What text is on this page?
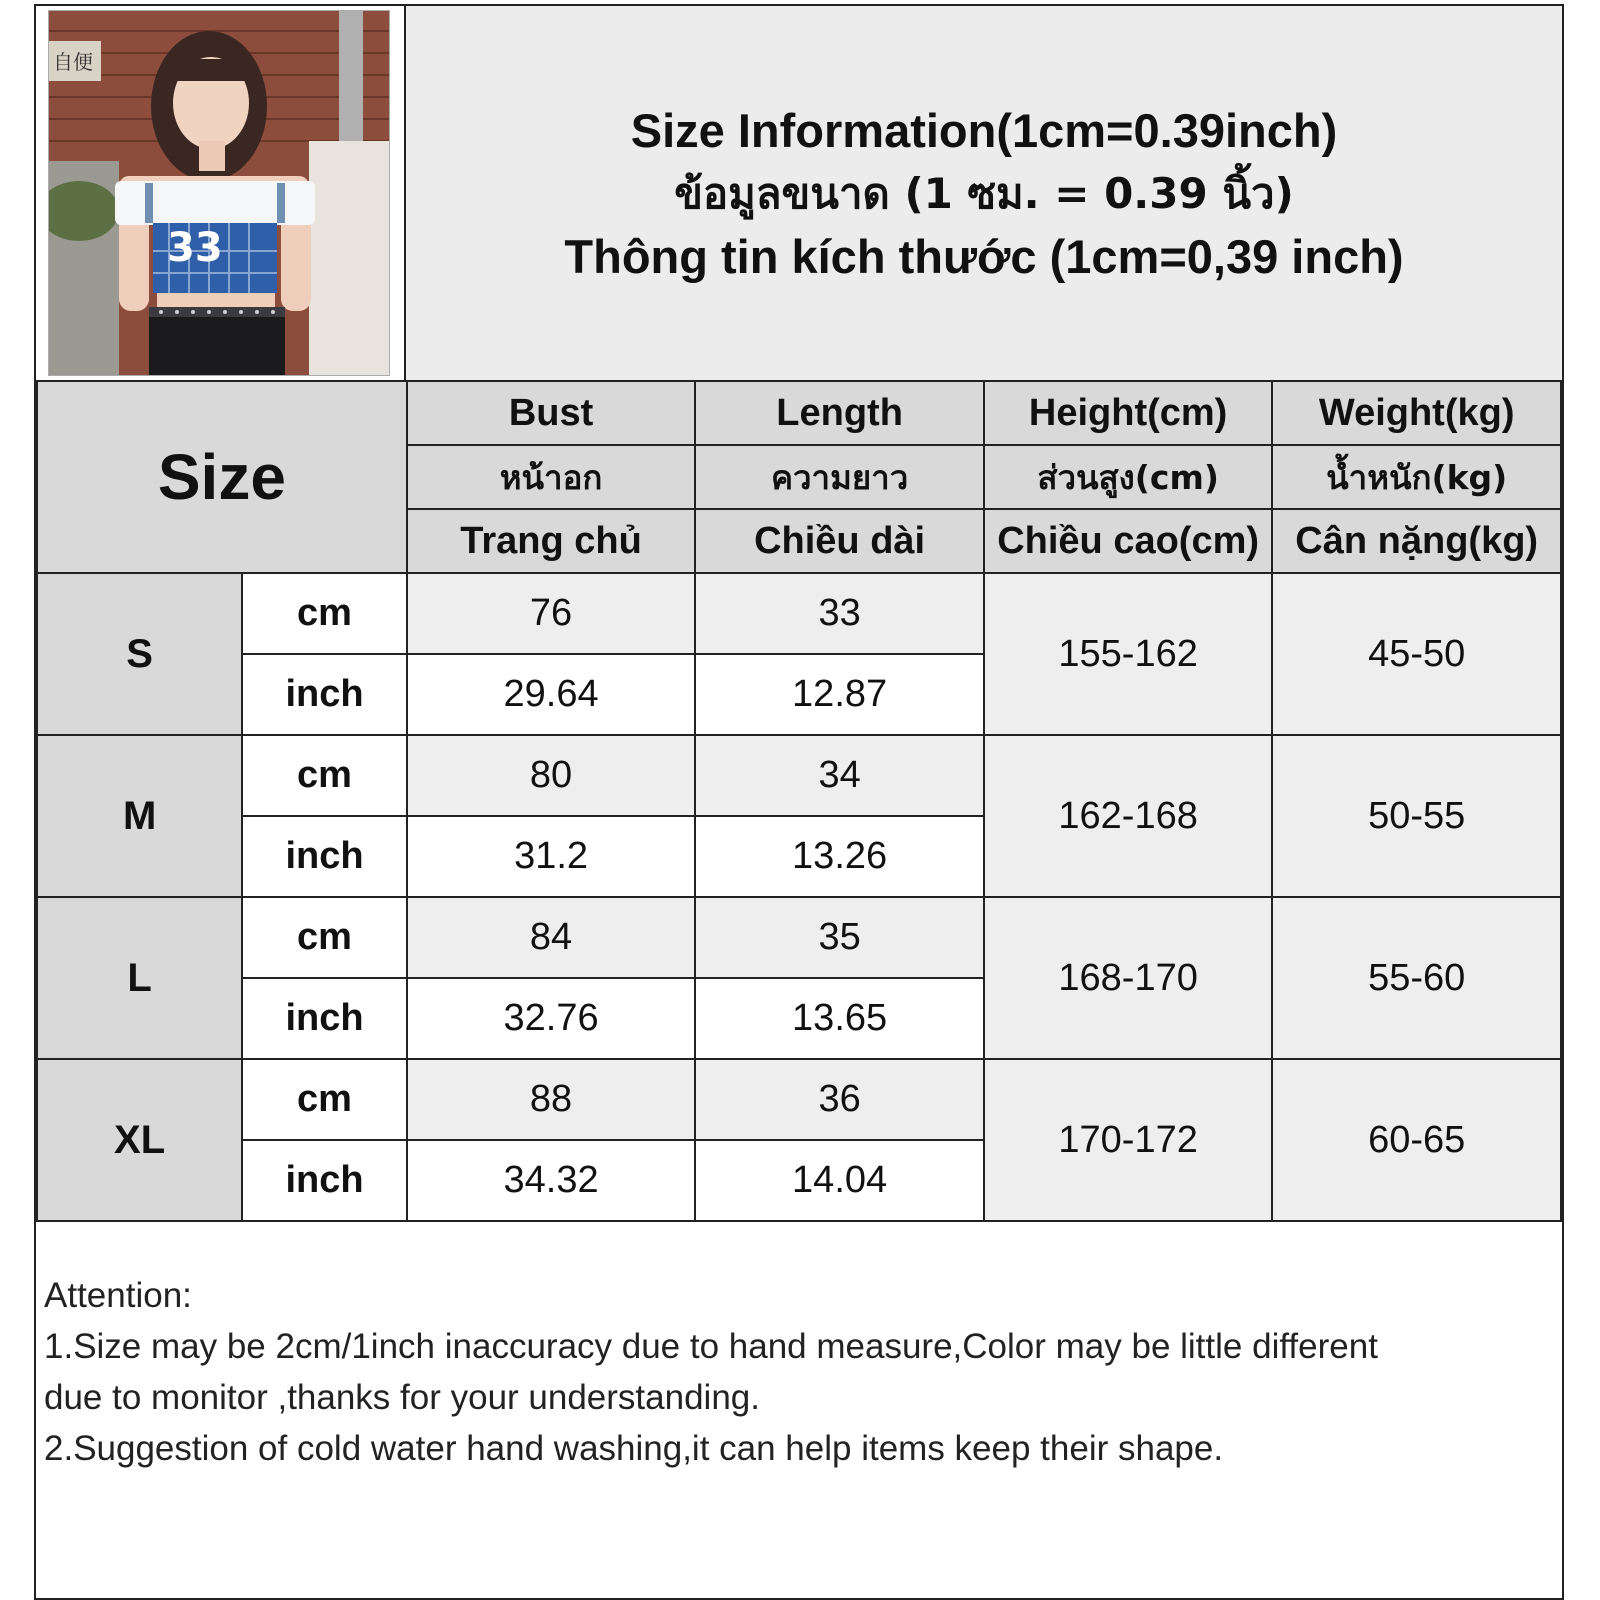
自便
33
Size Information(1cm=0.39inch)
ข้อมูลขนาด (1 ซม. = 0.39 นิ้ว)
Thông tin kích thước (1cm=0,39 inch)
Size		Bust	Length	Height(cm)	Weight(kg)
		หน้าอก	ความยาว	ส่วนสูง(cm)	น้ำหนัก(kg)
		Trang chủ	Chiều dài	Chiều cao(cm)	Cân nặng(kg)
S	cm	76	33	155-162	45-50
	inch	29.64	12.87		
M	cm	80	34	162-168	50-55
	inch	31.2	13.26		
L	cm	84	35	168-170	55-60
	inch	32.76	13.65		
XL	cm	88	36	170-172	60-65
	inch	34.32	14.04		

Attention:

1.Size may be 2cm/1inch inaccuracy due to hand measure,Color may be little different

due to monitor ,thanks for your understanding.

2.Suggestion of cold water hand washing,it can help items keep their shape.
